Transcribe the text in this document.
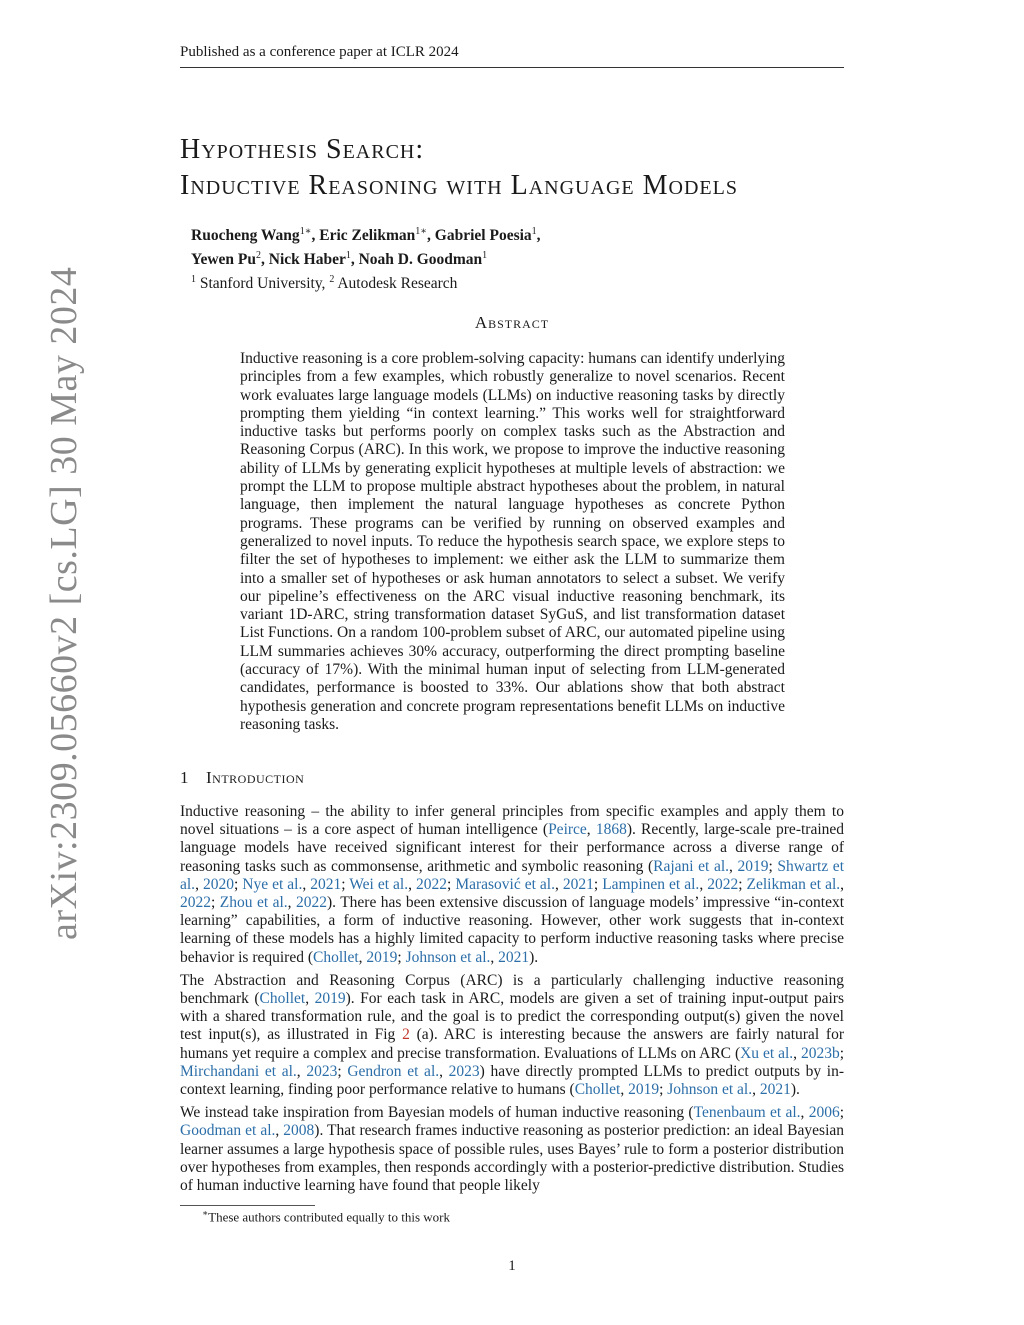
Published as a conference paper at ICLR 2024
arXiv:2309.05660v2 [cs.LG] 30 May 2024
Hypothesis Search:
Inductive Reasoning with Language Models
Ruocheng Wang$^{1∗}$, Eric Zelikman$^{1∗}$, Gabriel Poesia$^1$,
Yewen Pu$^2$, Nick Haber$^1$, Noah D. Goodman$^1$
$^1$ Stanford University, $^2$ Autodesk Research
Abstract
Inductive reasoning is a core problem-solving capacity: humans can identify underlying principles from a few examples, which robustly generalize to novel scenarios. Recent work evaluates large language models (LLMs) on inductive reasoning tasks by directly prompting them yielding “in context learning.” This works well for straightforward inductive tasks but performs poorly on complex tasks such as the Abstraction and Reasoning Corpus (ARC). In this work, we propose to improve the inductive reasoning ability of LLMs by generating explicit hypotheses at multiple levels of abstraction: we prompt the LLM to propose multiple abstract hypotheses about the problem, in natural language, then implement the natural language hypotheses as concrete Python programs. These programs can be verified by running on observed examples and generalized to novel inputs. To reduce the hypothesis search space, we explore steps to filter the set of hypotheses to implement: we either ask the LLM to summarize them into a smaller set of hypotheses or ask human annotators to select a subset. We verify our pipeline’s effectiveness on the ARC visual inductive reasoning benchmark, its variant 1D-ARC, string transformation dataset SyGuS, and list transformation dataset List Functions. On a random 100-problem subset of ARC, our automated pipeline using LLM summaries achieves 30% accuracy, outperforming the direct prompting baseline (accuracy of 17%). With the minimal human input of selecting from LLM-generated candidates, performance is boosted to 33%. Our ablations show that both abstract hypothesis generation and concrete program representations benefit LLMs on inductive reasoning tasks.
1 Introduction

Inductive reasoning – the ability to infer general principles from specific examples and apply them to novel situations – is a core aspect of human intelligence (Peirce, 1868). Recently, large-scale pre-trained language models have received significant interest for their performance across a diverse range of reasoning tasks such as commonsense, arithmetic and symbolic reasoning (Rajani et al., 2019; Shwartz et al., 2020; Nye et al., 2021; Wei et al., 2022; Marasović et al., 2021; Lampinen et al., 2022; Zelikman et al., 2022; Zhou et al., 2022). There has been extensive discussion of language models’ impressive “in-context learning” capabilities, a form of inductive reasoning. However, other work suggests that in-context learning of these models has a highly limited capacity to perform inductive reasoning tasks where precise behavior is required (Chollet, 2019; Johnson et al., 2021).

The Abstraction and Reasoning Corpus (ARC) is a particularly challenging inductive reasoning benchmark (Chollet, 2019). For each task in ARC, models are given a set of training input-output pairs with a shared transformation rule, and the goal is to predict the corresponding output(s) given the novel test input(s), as illustrated in Fig 2 (a). ARC is interesting because the answers are fairly natural for humans yet require a complex and precise transformation. Evaluations of LLMs on ARC (Xu et al., 2023b; Mirchandani et al., 2023; Gendron et al., 2023) have directly prompted LLMs to predict outputs by in-context learning, finding poor performance relative to humans (Chollet, 2019; Johnson et al., 2021).

We instead take inspiration from Bayesian models of human inductive reasoning (Tenenbaum et al., 2006; Goodman et al., 2008). That research frames inductive reasoning as posterior prediction: an ideal Bayesian learner assumes a large hypothesis space of possible rules, uses Bayes’ rule to form a posterior distribution over hypotheses from examples, then responds accordingly with a posterior-predictive distribution. Studies of human inductive learning have found that people likely

∗These authors contributed equally to this work
1
